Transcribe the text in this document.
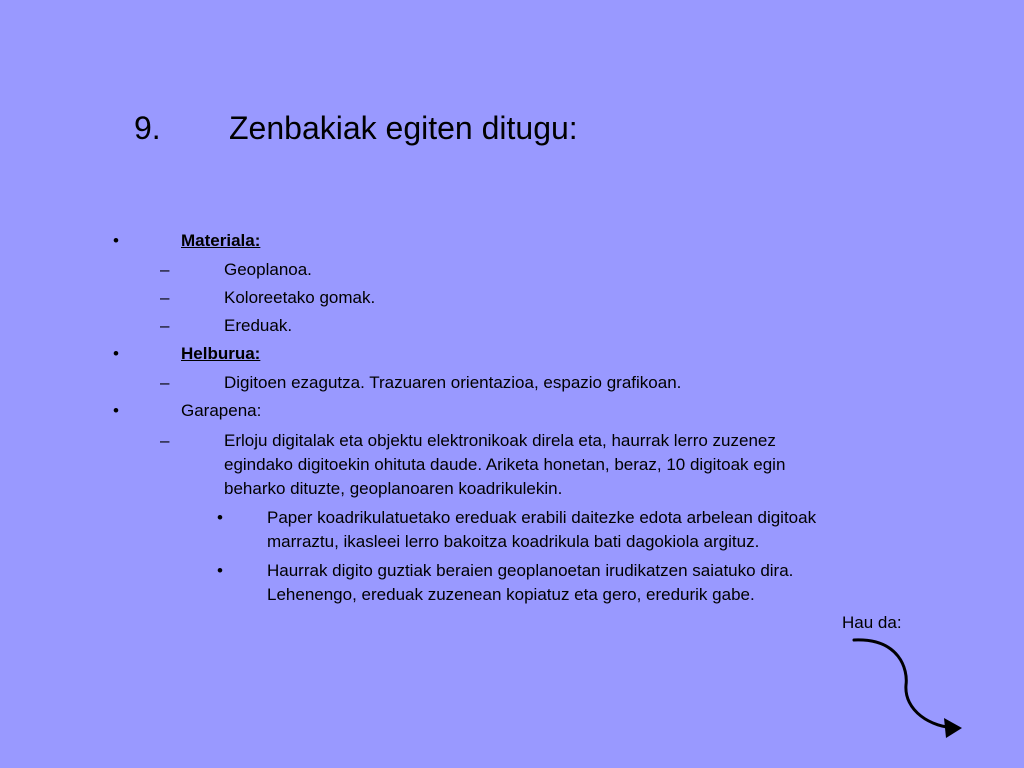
9. Zenbakiak egiten ditugu:
•	Materiala:
–	Geoplanoa.
–	Koloreetako gomak.
–	Ereduak.
•	Helburua:
–	Digitoen ezagutza. Trazuaren orientazioa, espazio grafikoan.
•	Garapena:
–	Erloju digitalak eta objektu elektronikoak direla eta, haurrak lerro zuzenez
egindako digitoekin ohituta daude. Ariketa honetan, beraz, 10 digitoak egin
beharko dituzte, geoplanoaren koadrikulekin.
•	Paper koadrikulatuetako ereduak erabili daitezke edota arbelean digitoak
marraztu, ikasleei lerro bakoitza koadrikula bati dagokiola argituz.
•	Haurrak digito guztiak beraien geoplanoetan irudikatzen saiatuko dira.
Lehenengo, ereduak zuzenean kopiatuz eta gero, eredurik gabe.
Hau da:
